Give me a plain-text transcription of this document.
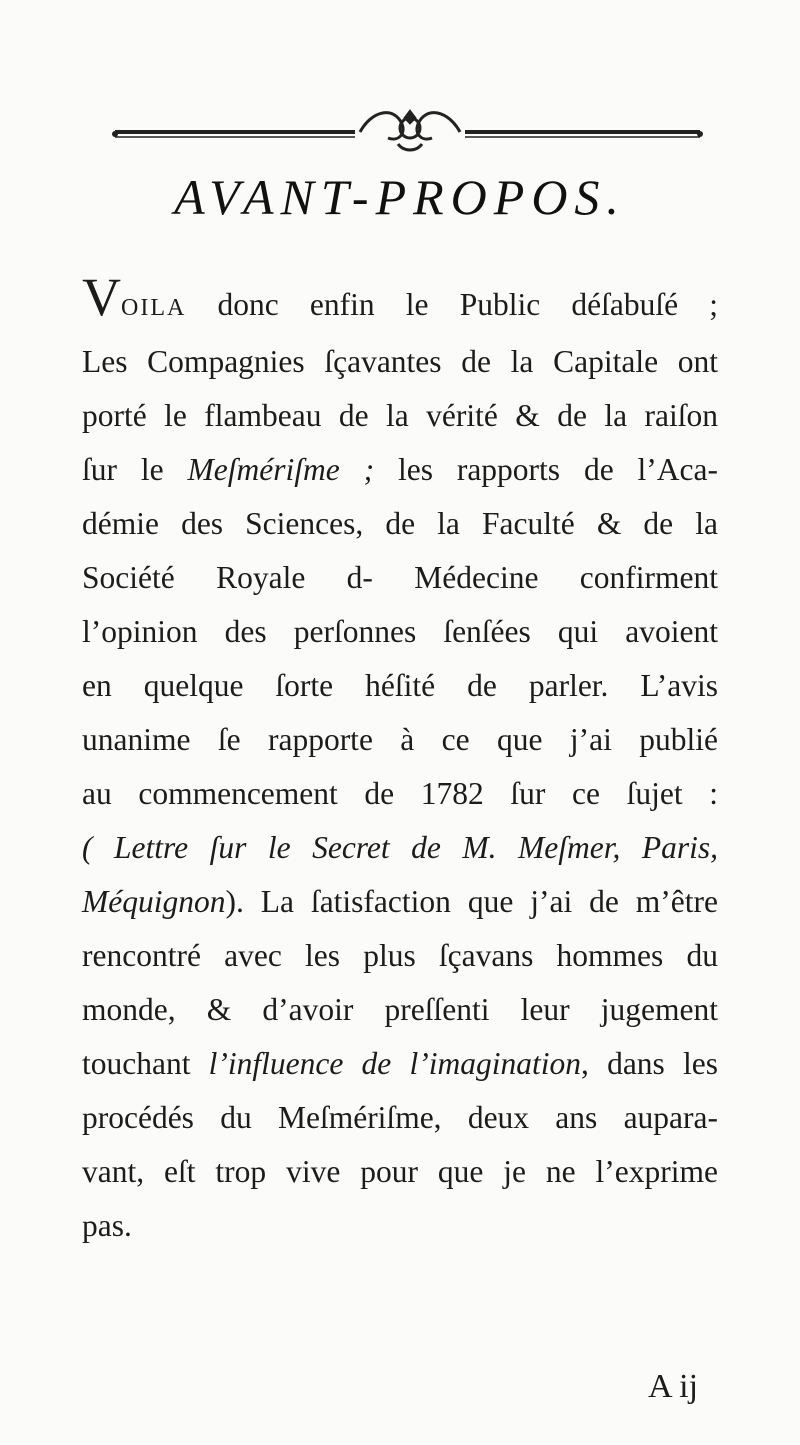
AVANT-PROPOS.
VOILA donc enfin le Public déſabuſé ;
Les Compagnies ſçavantes de la Capitale ont
porté le flambeau de la vérité & de la raiſon
ſur le Meſmériſme ; les rapports de l’Aca-
démie des Sciences, de la Faculté & de la
Société Royale d- Médecine confirment
l’opinion des perſonnes ſenſées qui avoient
en quelque ſorte héſité de parler. L’avis
unanime ſe rapporte à ce que j’ai publié
au commencement de 1782 ſur ce ſujet :
( Lettre ſur le Secret de M. Meſmer, Paris,
Méquignon). La ſatisfaction que j’ai de m’être
rencontré avec les plus ſçavans hommes du
monde, & d’avoir preſſenti leur jugement
touchant l’influence de l’imagination, dans les
procédés du Meſmériſme, deux ans aupara-
vant, eſt trop vive pour que je ne l’exprime
pas.
A ij
